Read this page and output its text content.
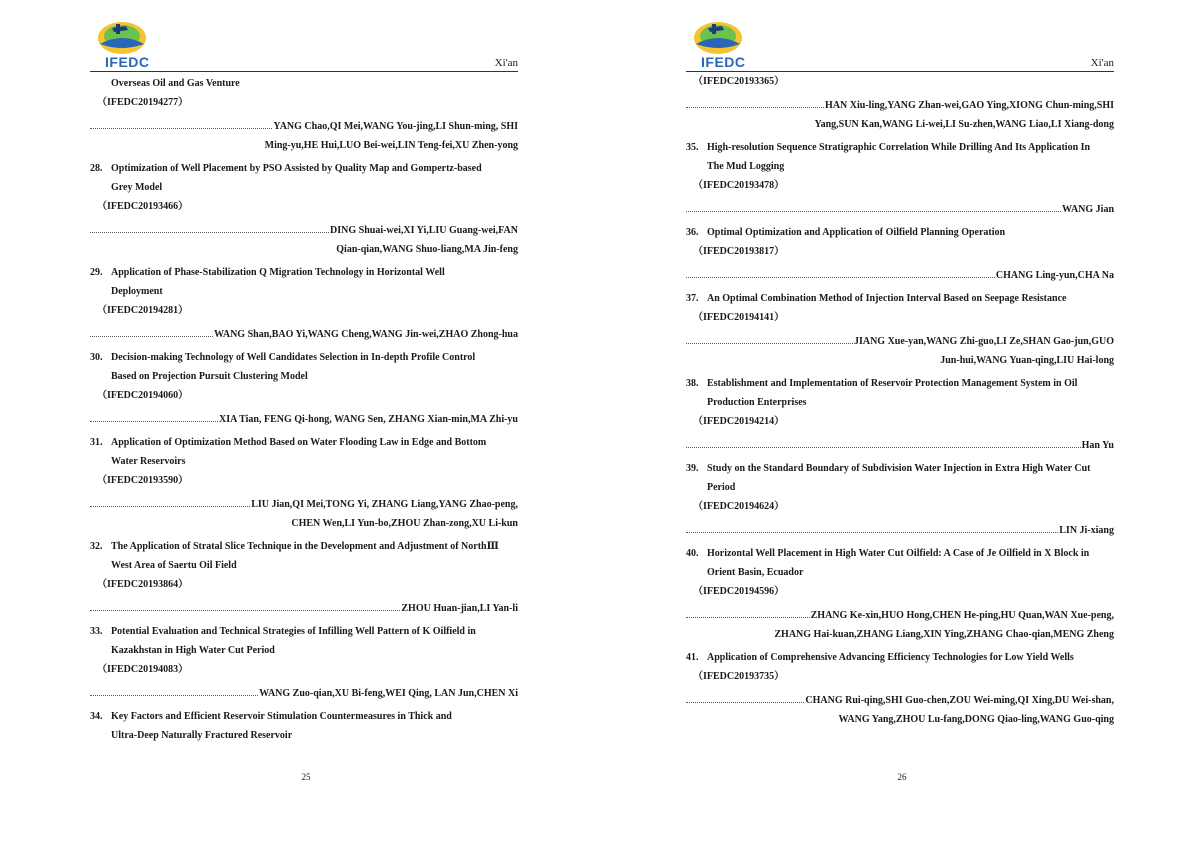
IFEDC	Xi'an
Overseas Oil and Gas Venture
（IFEDC20194277）
YANG Chao,QI Mei,WANG You-jing,LI Shun-ming, SHI
Ming-yu,HE Hui,LUO Bei-wei,LIN Teng-fei,XU Zhen-yong
28. Optimization of Well Placement by PSO Assisted by Quality Map and Gompertz-based
Grey Model
（IFEDC20193466）
DING Shuai-wei,XI Yi,LIU Guang-wei,FAN
Qian-qian,WANG Shuo-liang,MA Jin-feng
29. Application of Phase-Stabilization Q Migration Technology in Horizontal Well
Deployment
（IFEDC20194281）
WANG Shan,BAO Yi,WANG Cheng,WANG Jin-wei,ZHAO Zhong-hua
30. Decision-making Technology of Well Candidates Selection in In-depth Profile Control
Based on Projection Pursuit Clustering Model
（IFEDC20194060）
XIA Tian, FENG Qi-hong, WANG Sen, ZHANG Xian-min,MA Zhi-yu
31. Application of Optimization Method Based on Water Flooding Law in Edge and Bottom
Water Reservoirs
（IFEDC20193590）
LIU Jian,QI Mei,TONG Yi, ZHANG Liang,YANG Zhao-peng,
CHEN Wen,LI Yun-bo,ZHOU Zhan-zong,XU Li-kun
32. The Application of Stratal Slice Technique in the Development and Adjustment of NorthⅢ
West Area of Saertu Oil Field
（IFEDC20193864）
ZHOU Huan-jian,LI Yan-li
33. Potential Evaluation and Technical Strategies of Infilling Well Pattern of K Oilfield in
Kazakhstan in High Water Cut Period
（IFEDC20194083）
WANG Zuo-qian,XU Bi-feng,WEI Qing, LAN Jun,CHEN Xi
34. Key Factors and Efficient Reservoir Stimulation Countermeasures in Thick and
Ultra-Deep Naturally Fractured Reservoir
25
IFEDC	Xi'an
（IFEDC20193365）
HAN Xiu-ling,YANG Zhan-wei,GAO Ying,XIONG Chun-ming,SHI
Yang,SUN Kan,WANG Li-wei,LI Su-zhen,WANG Liao,LI Xiang-dong
35. High-resolution Sequence Stratigraphic Correlation While Drilling And Its Application In
The Mud Logging
（IFEDC20193478）
WANG Jian
36. Optimal Optimization and Application of Oilfield Planning Operation
（IFEDC20193817）
CHANG Ling-yun,CHA Na
37. An Optimal Combination Method of Injection Interval Based on Seepage Resistance
（IFEDC20194141）
JIANG Xue-yan,WANG Zhi-guo,LI Ze,SHAN Gao-jun,GUO
Jun-hui,WANG Yuan-qing,LIU Hai-long
38. Establishment and Implementation of Reservoir Protection Management System in Oil
Production Enterprises
（IFEDC20194214）
Han Yu
39. Study on the Standard Boundary of Subdivision Water Injection in Extra High Water Cut
Period
（IFEDC20194624）
LIN Ji-xiang
40. Horizontal Well Placement in High Water Cut Oilfield: A Case of Je Oilfield in X Block in
Orient Basin, Ecuador
（IFEDC20194596）
ZHANG Ke-xin,HUO Hong,CHEN He-ping,HU Quan,WAN Xue-peng,
ZHANG Hai-kuan,ZHANG Liang,XIN Ying,ZHANG Chao-qian,MENG Zheng
41. Application of Comprehensive Advancing Efficiency Technologies for Low Yield Wells
（IFEDC20193735）
CHANG Rui-qing,SHI Guo-chen,ZOU Wei-ming,QI Xing,DU Wei-shan,
WANG Yang,ZHOU Lu-fang,DONG Qiao-ling,WANG Guo-qing
26
